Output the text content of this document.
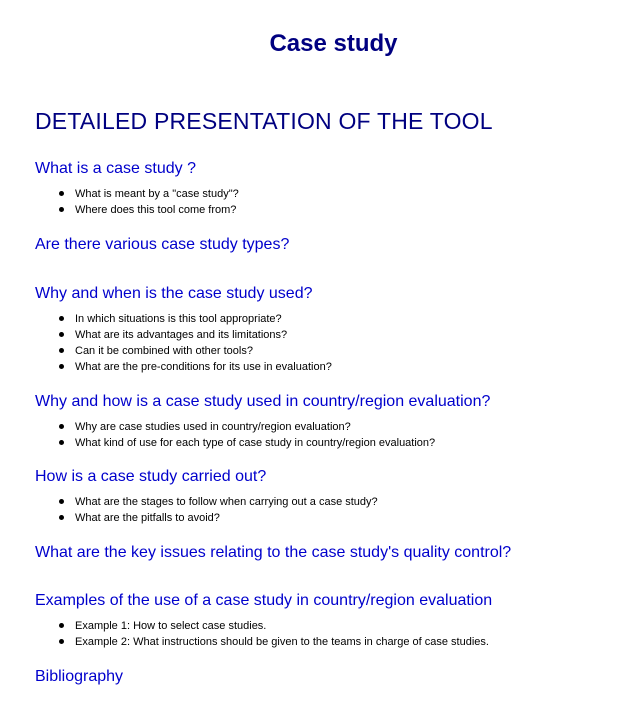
Case study
DETAILED PRESENTATION OF THE TOOL
What is a case study ?
What is meant by a "case study"?
Where does this tool come from?
Are there various case study types?
Why and when is the case study used?
In which situations is this tool appropriate?
What are its advantages and its limitations?
Can it be combined with other tools?
What are the pre-conditions for its use in evaluation?
Why and how is a case study used in country/region evaluation?
Why are case studies used in country/region evaluation?
What kind of use for each type of case study in country/region evaluation?
How is a case study carried out?
What are the stages to follow when carrying out a case study?
What are the pitfalls to avoid?
What are the key issues relating to the case study's quality control?
Examples of the use of a case study in country/region evaluation
Example 1: How to select case studies.
Example 2: What instructions should be given to the teams in charge of case studies.
Bibliography
